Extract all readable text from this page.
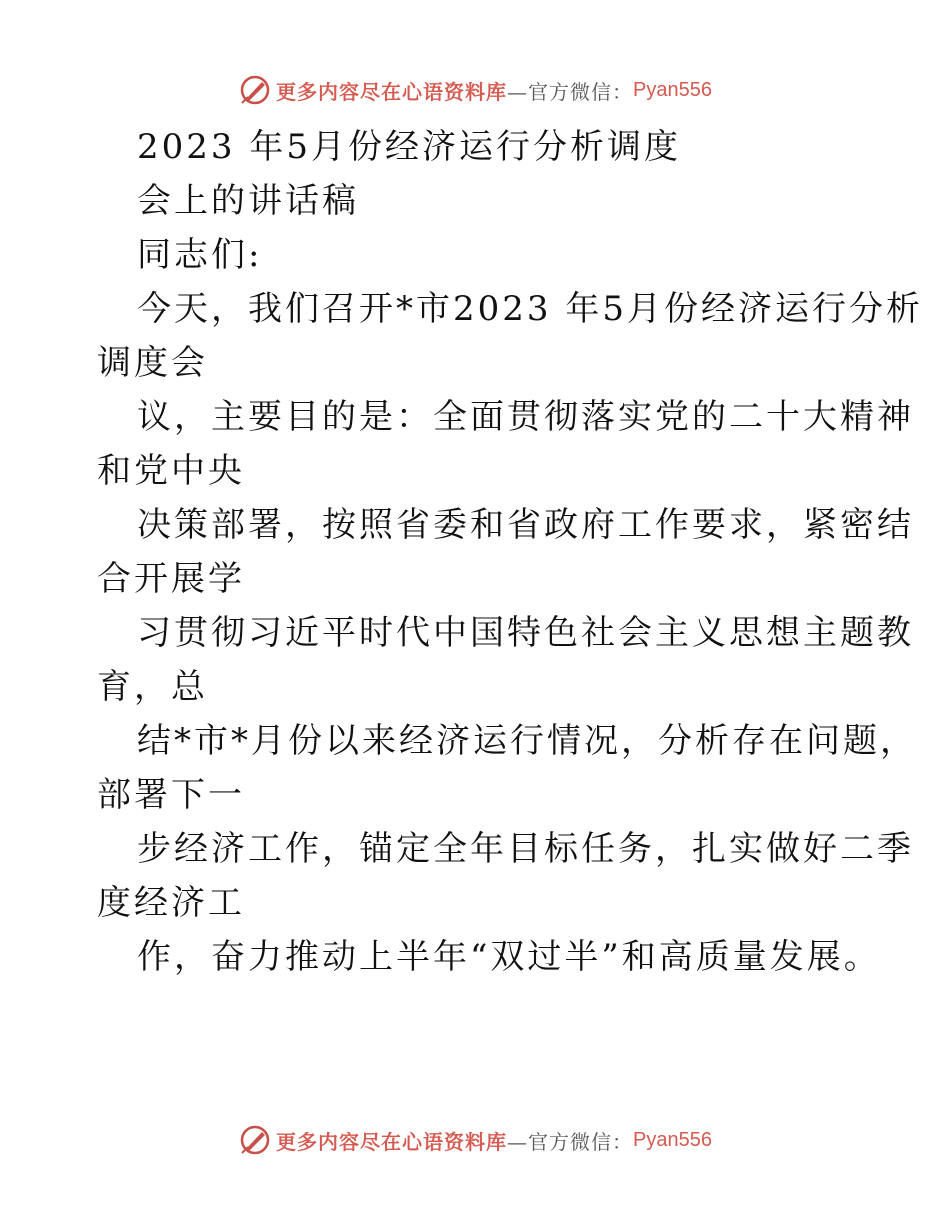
更多内容尽在心语资料库 —官方微信： Pyan556
2023 年5月份经济运行分析调度
会上的讲话稿
同志们:
今天，我们召开*市2023 年5月份经济运行分析
调度会
议，主要目的是：全面贯彻落实党的二十大精神
和党中央
决策部署，按照省委和省政府工作要求，紧密结
合开展学
习贯彻习近平时代中国特色社会主义思想主题教
育，总
结*市*月份以来经济运行情况，分析存在问题，
部署下一
步经济工作，锚定全年目标任务，扎实做好二季
度经济工
作，奋力推动上半年“双过半”和高质量发展。
更多内容尽在心语资料库 —官方微信： Pyan556
